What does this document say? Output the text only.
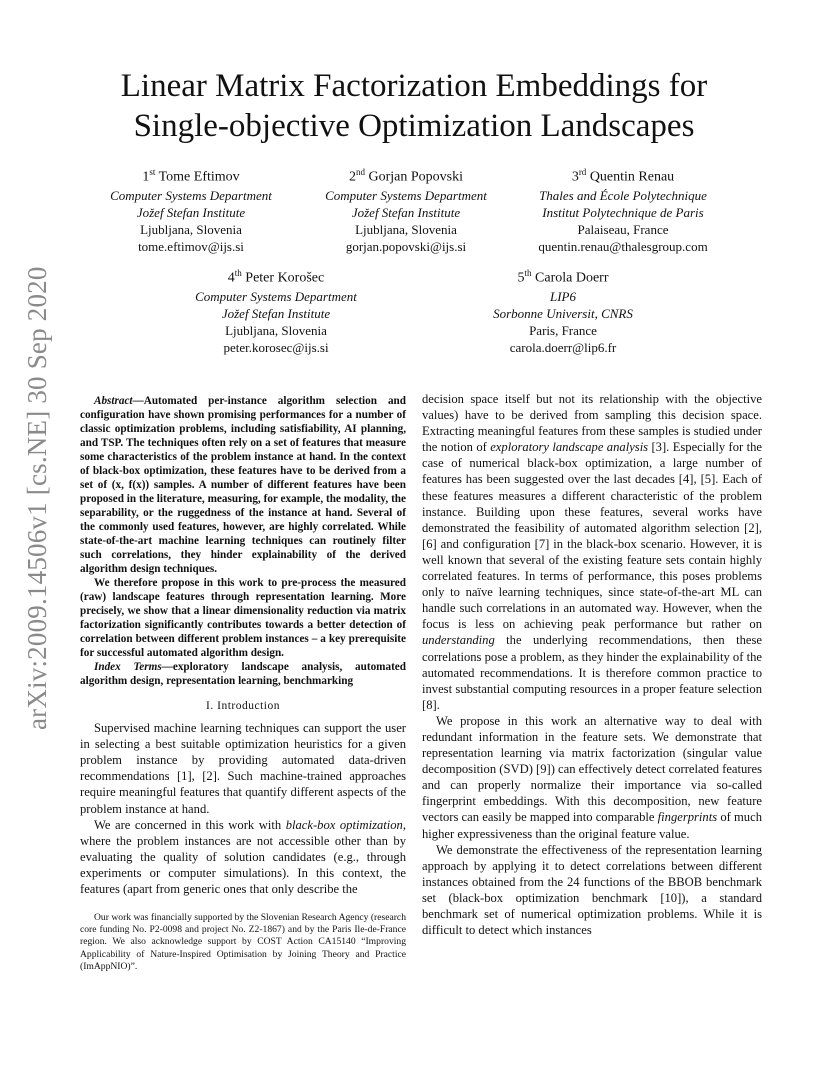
arXiv:2009.14506v1 [cs.NE] 30 Sep 2020
Linear Matrix Factorization Embeddings for
Single-objective Optimization Landscapes
1st Tome Eftimov
Computer Systems Department
Jožef Stefan Institute
Ljubljana, Slovenia
tome.eftimov@ijs.si
2nd Gorjan Popovski
Computer Systems Department
Jožef Stefan Institute
Ljubljana, Slovenia
gorjan.popovski@ijs.si
3rd Quentin Renau
Thales and École Polytechnique
Institut Polytechnique de Paris
Palaiseau, France
quentin.renau@thalesgroup.com
4th Peter Korošec
Computer Systems Department
Jožef Stefan Institute
Ljubljana, Slovenia
peter.korosec@ijs.si
5th Carola Doerr
LIP6
Sorbonne Universit, CNRS
Paris, France
carola.doerr@lip6.fr

Abstract—Automated per-instance algorithm selection and configuration have shown promising performances for a number of classic optimization problems, including satisfiability, AI planning, and TSP. The techniques often rely on a set of features that measure some characteristics of the problem instance at hand. In the context of black-box optimization, these features have to be derived from a set of (x, f(x)) samples. A number of different features have been proposed in the literature, measuring, for example, the modality, the separability, or the ruggedness of the instance at hand. Several of the commonly used features, however, are highly correlated. While state-of-the-art machine learning techniques can routinely filter such correlations, they hinder explainability of the derived algorithm design techniques.

We therefore propose in this work to pre-process the measured (raw) landscape features through representation learning. More precisely, we show that a linear dimensionality reduction via matrix factorization significantly contributes towards a better detection of correlation between different problem instances – a key prerequisite for successful automated algorithm design.

Index Terms—exploratory landscape analysis, automated algorithm design, representation learning, benchmarking

I. Introduction

Supervised machine learning techniques can support the user in selecting a best suitable optimization heuristics for a given problem instance by providing automated data-driven recommendations [1], [2]. Such machine-trained approaches require meaningful features that quantify different aspects of the problem instance at hand.

We are concerned in this work with black-box optimization, where the problem instances are not accessible other than by evaluating the quality of solution candidates (e.g., through experiments or computer simulations). In this context, the features (apart from generic ones that only describe the

Our work was financially supported by the Slovenian Research Agency (research core funding No. P2-0098 and project No. Z2-1867) and by the Paris Ile-de-France region. We also acknowledge support by COST Action CA15140 “Improving Applicability of Nature-Inspired Optimisation by Joining Theory and Practice (ImAppNIO)”.

decision space itself but not its relationship with the objective values) have to be derived from sampling this decision space. Extracting meaningful features from these samples is studied under the notion of exploratory landscape analysis [3]. Especially for the case of numerical black-box optimization, a large number of features has been suggested over the last decades [4], [5]. Each of these features measures a different characteristic of the problem instance. Building upon these features, several works have demonstrated the feasibility of automated algorithm selection [2], [6] and configuration [7] in the black-box scenario. However, it is well known that several of the existing feature sets contain highly correlated features. In terms of performance, this poses problems only to naïve learning techniques, since state-of-the-art ML can handle such correlations in an automated way. However, when the focus is less on achieving peak performance but rather on understanding the underlying recommendations, then these correlations pose a problem, as they hinder the explainability of the automated recommendations. It is therefore common practice to invest substantial computing resources in a proper feature selection [8].

We propose in this work an alternative way to deal with redundant information in the feature sets. We demonstrate that representation learning via matrix factorization (singular value decomposition (SVD) [9]) can effectively detect correlated features and can properly normalize their importance via so-called fingerprint embeddings. With this decomposition, new feature vectors can easily be mapped into comparable fingerprints of much higher expressiveness than the original feature value.

We demonstrate the effectiveness of the representation learning approach by applying it to detect correlations between different instances obtained from the 24 functions of the BBOB benchmark set (black-box optimization benchmark [10]), a standard benchmark set of numerical optimization problems. While it is difficult to detect which instances
